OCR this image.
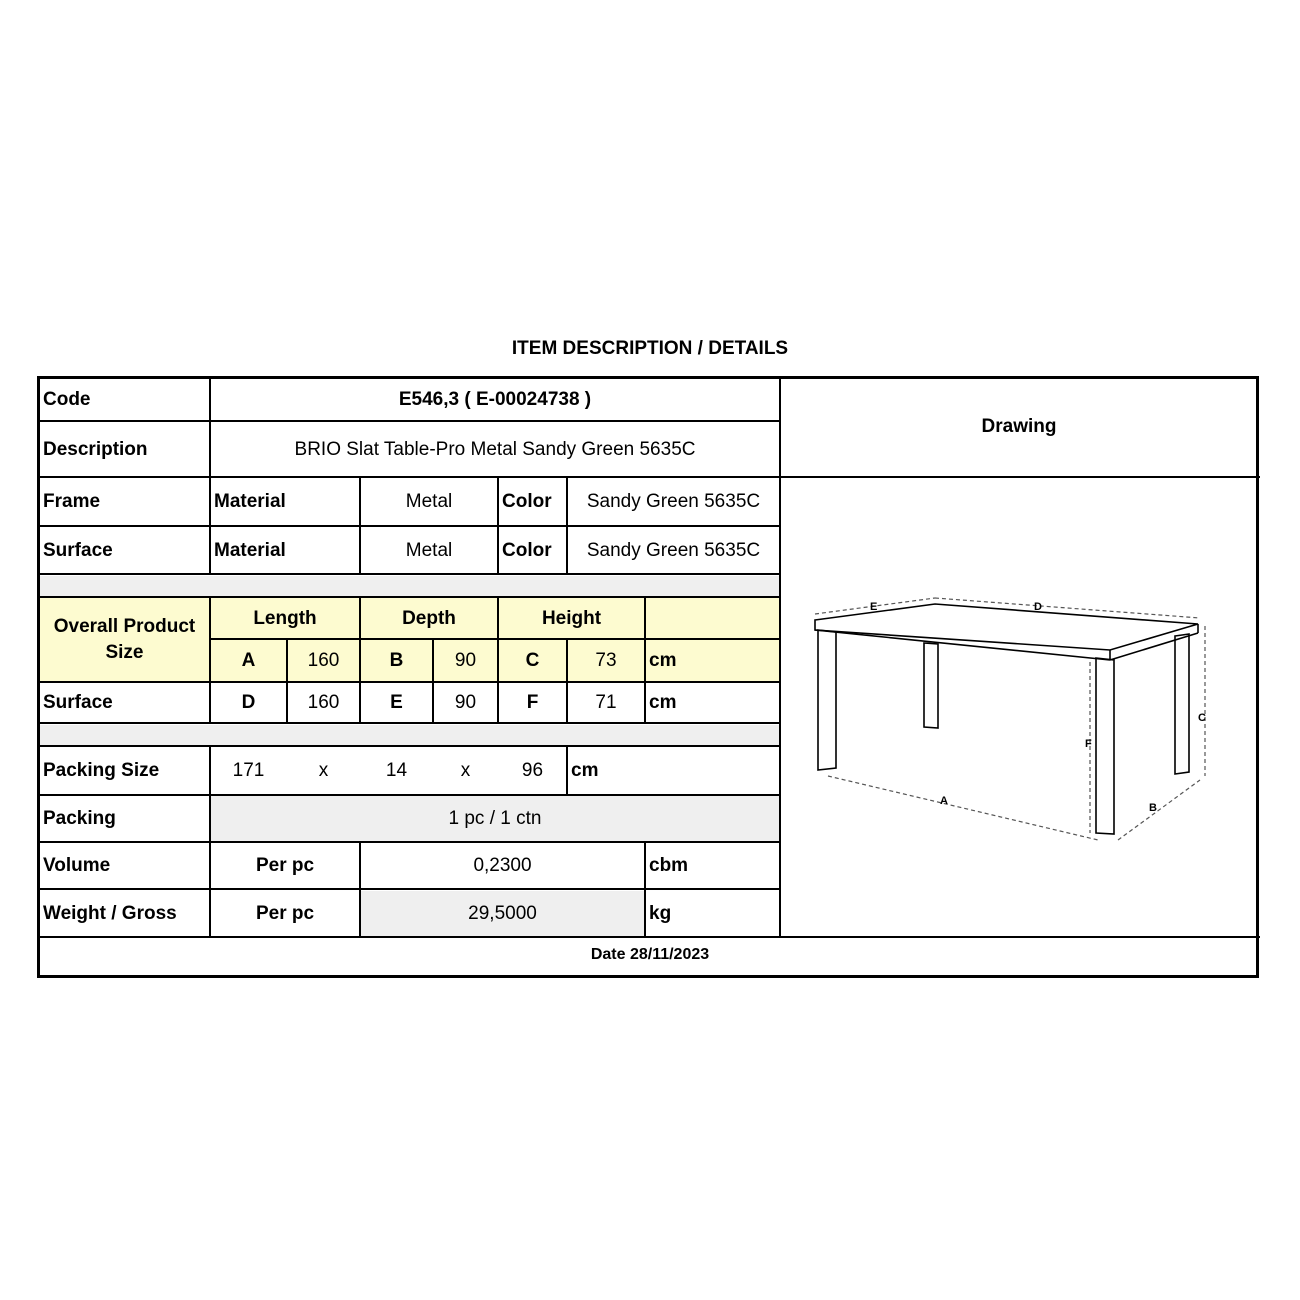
ITEM DESCRIPTION / DETAILS
Code	E546,3 ( E-00024738 )
Description	BRIO Slat Table-Pro Metal Sandy Green 5635C
Drawing
Frame	Material	Metal	Color	Sandy Green 5635C
Surface	Material	Metal	Color	Sandy Green 5635C
Overall Product Size
Length	Depth	Height
A	160	B	90	C	73	cm
Surface	D	160	E	90	F	71	cm
Packing Size	171	x	14	x	96	cm
Packing	1 pc / 1 ctn
Volume	Per pc	0,2300	cbm
Weight / Gross	Per pc	29,5000	kg
Date 28/11/2023
E	D
C
F
A
B
